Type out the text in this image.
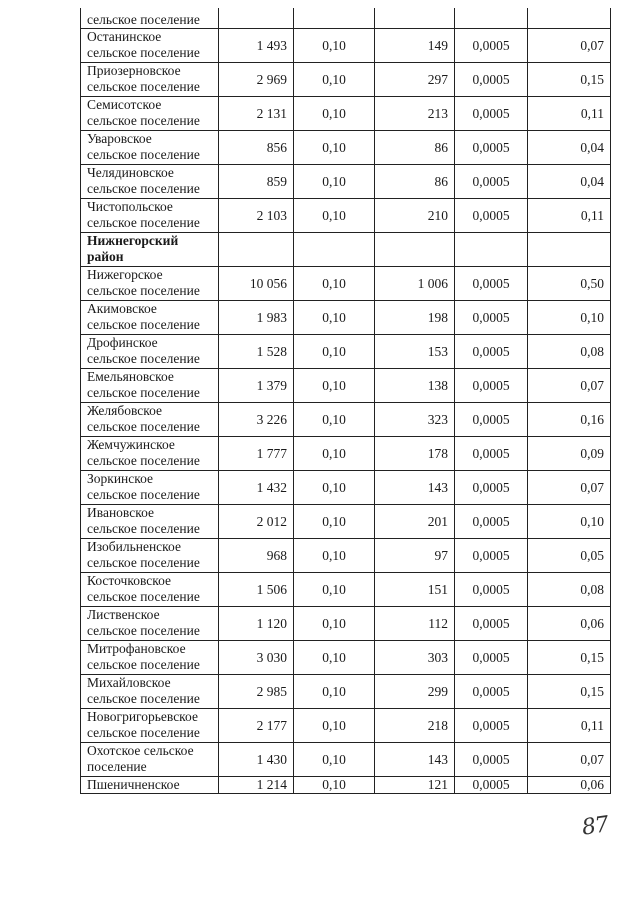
сельское поселение					

Останинское
сельское поселение	1 493	0,10	149	0,0005	0,07

Приозерновское
сельское поселение	2 969	0,10	297	0,0005	0,15

Семисотское
сельское поселение	2 131	0,10	213	0,0005	0,11

Уваровское
сельское поселение	856	0,10	86	0,0005	0,04

Челядиновское
сельское поселение	859	0,10	86	0,0005	0,04

Чистопольское
сельское поселение	2 103	0,10	210	0,0005	0,11

Нижнегорский
район					

Нижегорское
сельское поселение	10 056	0,10	1 006	0,0005	0,50

Акимовское
сельское поселение	1 983	0,10	198	0,0005	0,10

Дрофинское
сельское поселение	1 528	0,10	153	0,0005	0,08

Емельяновское
сельское поселение	1 379	0,10	138	0,0005	0,07

Желябовское
сельское поселение	3 226	0,10	323	0,0005	0,16

Жемчужинское
сельское поселение	1 777	0,10	178	0,0005	0,09

Зоркинское
сельское поселение	1 432	0,10	143	0,0005	0,07

Ивановское
сельское поселение	2 012	0,10	201	0,0005	0,10

Изобильненское
сельское поселение	968	0,10	97	0,0005	0,05

Косточковское
сельское поселение	1 506	0,10	151	0,0005	0,08

Лиственское
сельское поселение	1 120	0,10	112	0,0005	0,06

Митрофановское
сельское поселение	3 030	0,10	303	0,0005	0,15

Михайловское
сельское поселение	2 985	0,10	299	0,0005	0,15

Новогригорьевское
сельское поселение	2 177	0,10	218	0,0005	0,11

Охотское сельское
поселение	1 430	0,10	143	0,0005	0,07

Пшеничненское	1 214	0,10	121	0,0005	0,06
87
